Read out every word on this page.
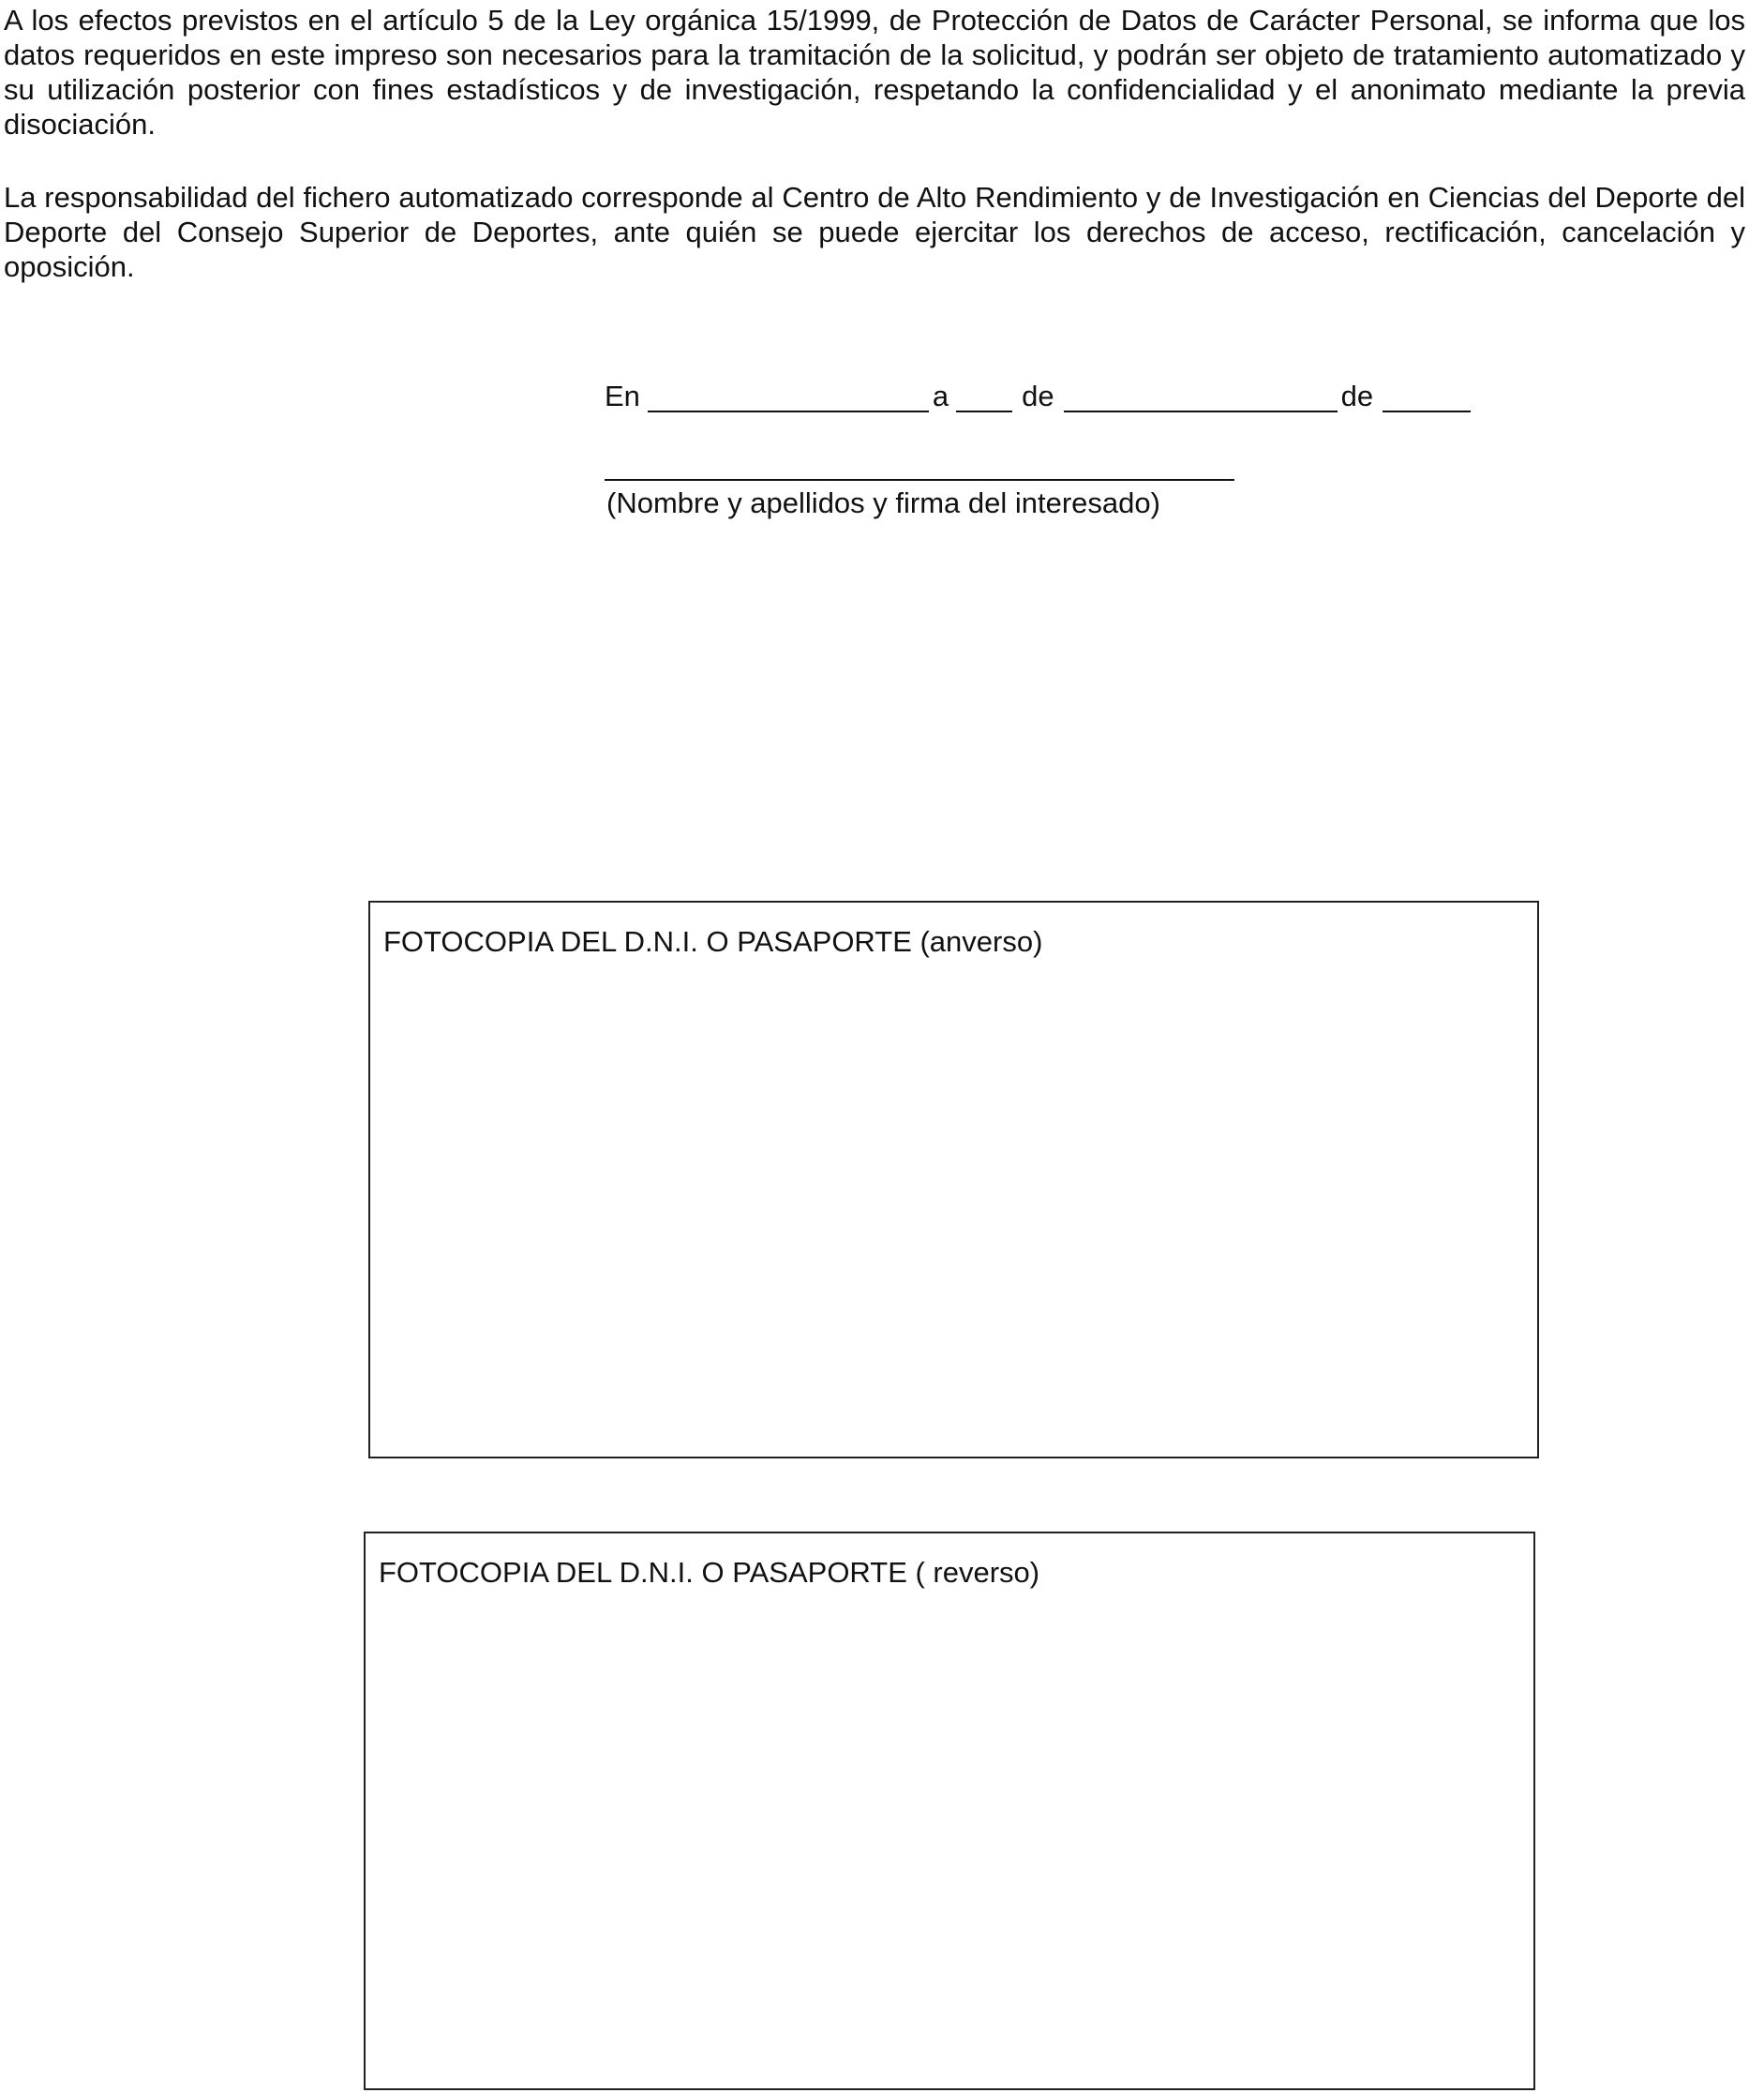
A los efectos previstos en el artículo 5 de la Ley orgánica 15/1999, de Protección de Datos de Carácter Personal, se informa que los datos requeridos en este impreso son necesarios para la tramitación de la solicitud, y podrán ser objeto de tratamiento automatizado y su utilización posterior con fines estadísticos y de investigación, respetando la confidencialidad y el anonimato mediante la previa disociación.

La responsabilidad del fichero automatizado corresponde al Centro de Alto Rendimiento y de Investigación en Ciencias del Deporte del Deporte del Consejo Superior de Deportes, ante quién se puede ejercitar los derechos de acceso, rectificación, cancelación y oposición.

En	a	de	de
(Nombre y apellidos y firma del interesado)
FOTOCOPIA DEL D.N.I. O PASAPORTE (anverso)
FOTOCOPIA DEL D.N.I. O PASAPORTE ( reverso)
